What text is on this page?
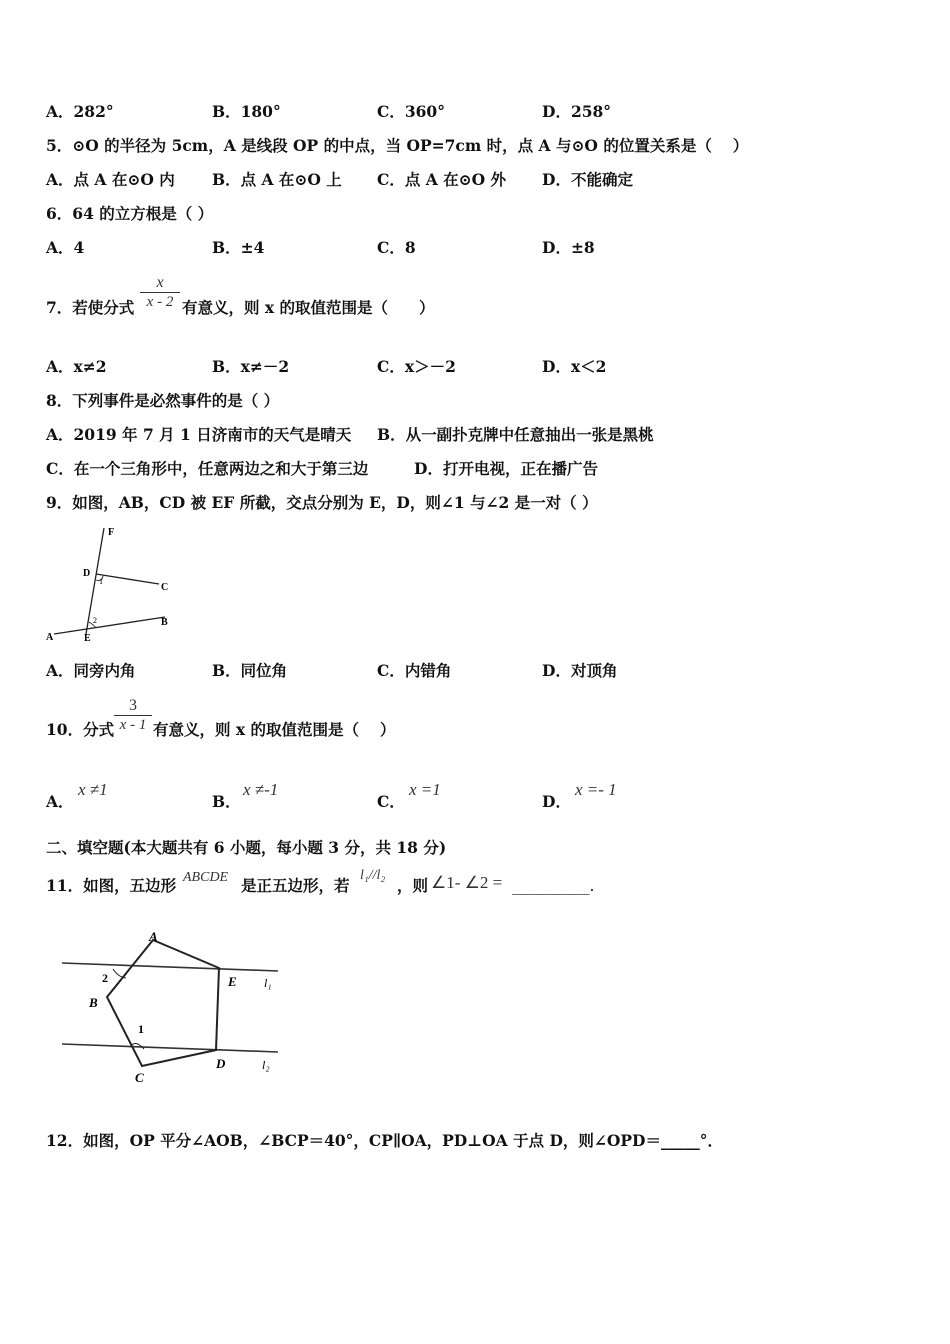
A．282°	B．180°	C．360°	D．258°
5．⊙O 的半径为 5cm，A 是线段 OP 的中点，当 OP=7cm 时，点 A 与⊙O 的位置关系是（　 ）
A．点 A 在⊙O 内 B．点 A 在⊙O 上 C．点 A 在⊙O 外 D．不能确定
6．64 的立方根是（ ）
A．4	B．±4	C．8	D．±8
7．若使分式
x
x - 2 有意义，则 x 的取值范围是（　　）
A．x≠2	B．x≠－2	C．x＞－2	D．x＜2
8．下列事件是必然事件的是（ ）
A．2019 年 7 月 1 日济南市的天气是晴天 B．从一副扑克牌中任意抽出一张是黑桃
C．在一个三角形中，任意两边之和大于第三边	D．打开电视，正在播广告
9．如图，AB，CD 被 EF 所截，交点分别为 E，D，则∠1 与∠2 是一对（ ）
F
D
C
B
A	E
1
2
A．同旁内角	B．同位角	C．内错角	D．对顶角
10．分式
3
x - 1 有意义，则 x 的取值范围是（　 ）
A．
x ≠1
B．
x ≠-1
C．
x =1
D．
x =- 1
二、填空题(本大题共有 6 小题，每小题 3 分，共 18 分)
11．如图，五边形 ABCDE 是正五边形，若
l₁//l₂
，则 ∠1- ∠2 = __________.
A
B
C
D
E l₁
l₂
2
1
12．如图，OP 平分∠AOB，∠BCP＝40°，CP∥OA，PD⊥OA 于点 D，则∠OPD＝_____°．
